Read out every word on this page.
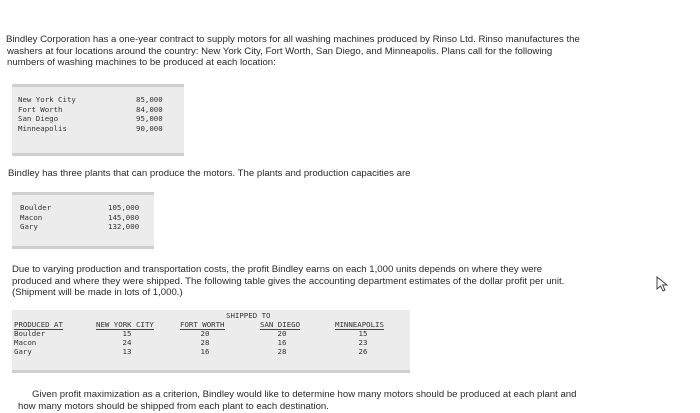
Bindley Corporation has a one-year contract to supply motors for all washing machines produced by Rinso Ltd. Rinso manufactures the
washers at four locations around the country: New York City, Fort Worth, San Diego, and Minneapolis. Plans call for the following
numbers of washing machines to be produced at each location:
New York City	85,000
Fort Worth	84,000
San Diego	95,000
Minneapolis	90,000
Bindley has three plants that can produce the motors. The plants and production capacities are
Boulder	105,000
Macon	145,000
Gary	132,000
Due to varying production and transportation costs, the profit Bindley earns on each 1,000 units depends on where they were
produced and where they were shipped. The following table gives the accounting department estimates of the dollar profit per unit.
(Shipment will be made in lots of 1,000.)
SHIPPED TO
PRODUCED AT	NEW YORK CITY	FORT WORTH	SAN DIEGO	MINNEAPOLIS
Boulder	15	20	20	15
Macon	24	28	16	23
Gary	13	16	28	26
Given profit maximization as a criterion, Bindley would like to determine how many motors should be produced at each plant and
how many motors should be shipped from each plant to each destination.
